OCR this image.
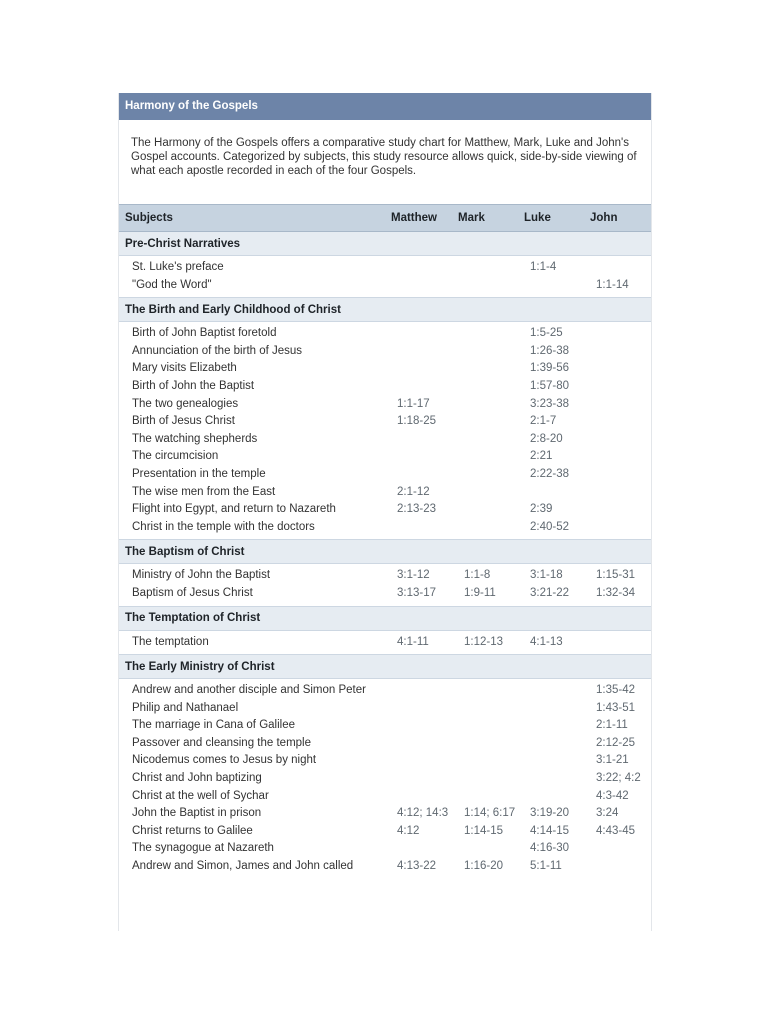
Harmony of the Gospels
The Harmony of the Gospels offers a comparative study chart for Matthew, Mark, Luke and John's Gospel accounts. Categorized by subjects, this study resource allows quick, side-by-side viewing of what each apostle recorded in each of the four Gospels.
Subjects	Matthew	Mark	Luke	John
Pre-Christ Narratives				
St. Luke's preface			1:1-4	
"God the Word"				1:1-14
The Birth and Early Childhood of Christ				
Birth of John Baptist foretold			1:5-25	
Annunciation of the birth of Jesus			1:26-38	
Mary visits Elizabeth			1:39-56	
Birth of John the Baptist			1:57-80	
The two genealogies	1:1-17		3:23-38	
Birth of Jesus Christ	1:18-25		2:1-7	
The watching shepherds			2:8-20	
The circumcision			2:21	
Presentation in the temple			2:22-38	
The wise men from the East	2:1-12			
Flight into Egypt, and return to Nazareth	2:13-23		2:39	
Christ in the temple with the doctors			2:40-52	
The Baptism of Christ				
Ministry of John the Baptist	3:1-12	1:1-8	3:1-18	1:15-31
Baptism of Jesus Christ	3:13-17	1:9-11	3:21-22	1:32-34
The Temptation of Christ				
The temptation	4:1-11	1:12-13	4:1-13	
The Early Ministry of Christ				
Andrew and another disciple and Simon Peter				1:35-42
Philip and Nathanael				1:43-51
The marriage in Cana of Galilee				2:1-11
Passover and cleansing the temple				2:12-25
Nicodemus comes to Jesus by night				3:1-21
Christ and John baptizing				3:22; 4:2
Christ at the well of Sychar				4:3-42
John the Baptist in prison	4:12; 14:3	1:14; 6:17	3:19-20	3:24
Christ returns to Galilee	4:12	1:14-15	4:14-15	4:43-45
The synagogue at Nazareth			4:16-30	
Andrew and Simon, James and John called	4:13-22	1:16-20	5:1-11	
